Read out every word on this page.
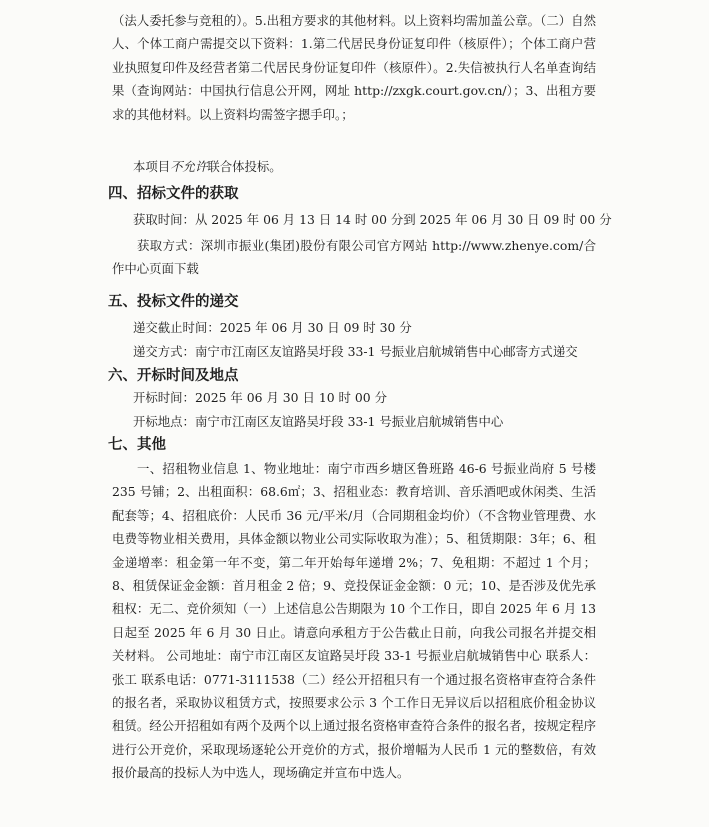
（法人委托参与竞租的）。5.出租方要求的其他材料。以上资料均需加盖公章。（二）自然人、个体工商户需提交以下资料：1.第二代居民身份证复印件（核原件）；个体工商户营业执照复印件及经营者第二代居民身份证复印件（核原件）。2.失信被执行人名单查询结果（查询网站：中国执行信息公开网，网址 http://zxgk.court.gov.cn/）；3、出租方要求的其他材料。以上资料均需签字摁手印。；

本项目不允许联合体投标。

四、招标文件的获取

获取时间：从 2025 年 06 月 13 日 14 时 00 分到 2025 年 06 月 30 日 09 时 00 分

获取方式：深圳市振业(集团)股份有限公司官方网站 http://www.zhenye.com/合作中心页面下载

五、投标文件的递交

递交截止时间：2025 年 06 月 30 日 09 时 30 分

递交方式：南宁市江南区友谊路吴圩段 33-1 号振业启航城销售中心邮寄方式递交

六、开标时间及地点

开标时间：2025 年 06 月 30 日 10 时 00 分

开标地点：南宁市江南区友谊路吴圩段 33-1 号振业启航城销售中心

七、其他

一、招租物业信息 1、物业地址：南宁市西乡塘区鲁班路 46-6 号振业尚府 5 号楼 235 号铺；2、出租面积：68.6㎡；3、招租业态：教育培训、音乐酒吧或休闲类、生活配套等；4、招租底价：人民币 36 元/平米/月（合同期租金均价）（不含物业管理费、水电费等物业相关费用，具体金额以物业公司实际收取为准）；5、租赁期限：3年；6、租金递增率：租金第一年不变，第二年开始每年递增 2%；7、免租期：不超过 1 个月；8、租赁保证金金额：首月租金 2 倍；9、竞投保证金金额：0 元；10、是否涉及优先承租权：无二、竞价须知（一）上述信息公告期限为 10 个工作日，即自 2025 年 6 月 13 日起至 2025 年 6 月 30 日止。请意向承租方于公告截止日前，向我公司报名并提交相关材料。 公司地址：南宁市江南区友谊路吴圩段 33-1 号振业启航城销售中心 联系人：张工 联系电话：0771-3111538（二）经公开招租只有一个通过报名资格审查符合条件的报名者，采取协议租赁方式，按照要求公示 3 个工作日无异议后以招租底价租金协议租赁。经公开招租如有两个及两个以上通过报名资格审查符合条件的报名者，按规定程序进行公开竞价，采取现场逐轮公开竞价的方式，报价增幅为人民币 1 元的整数倍，有效报价最高的投标人为中选人，现场确定并宣布中选人。
